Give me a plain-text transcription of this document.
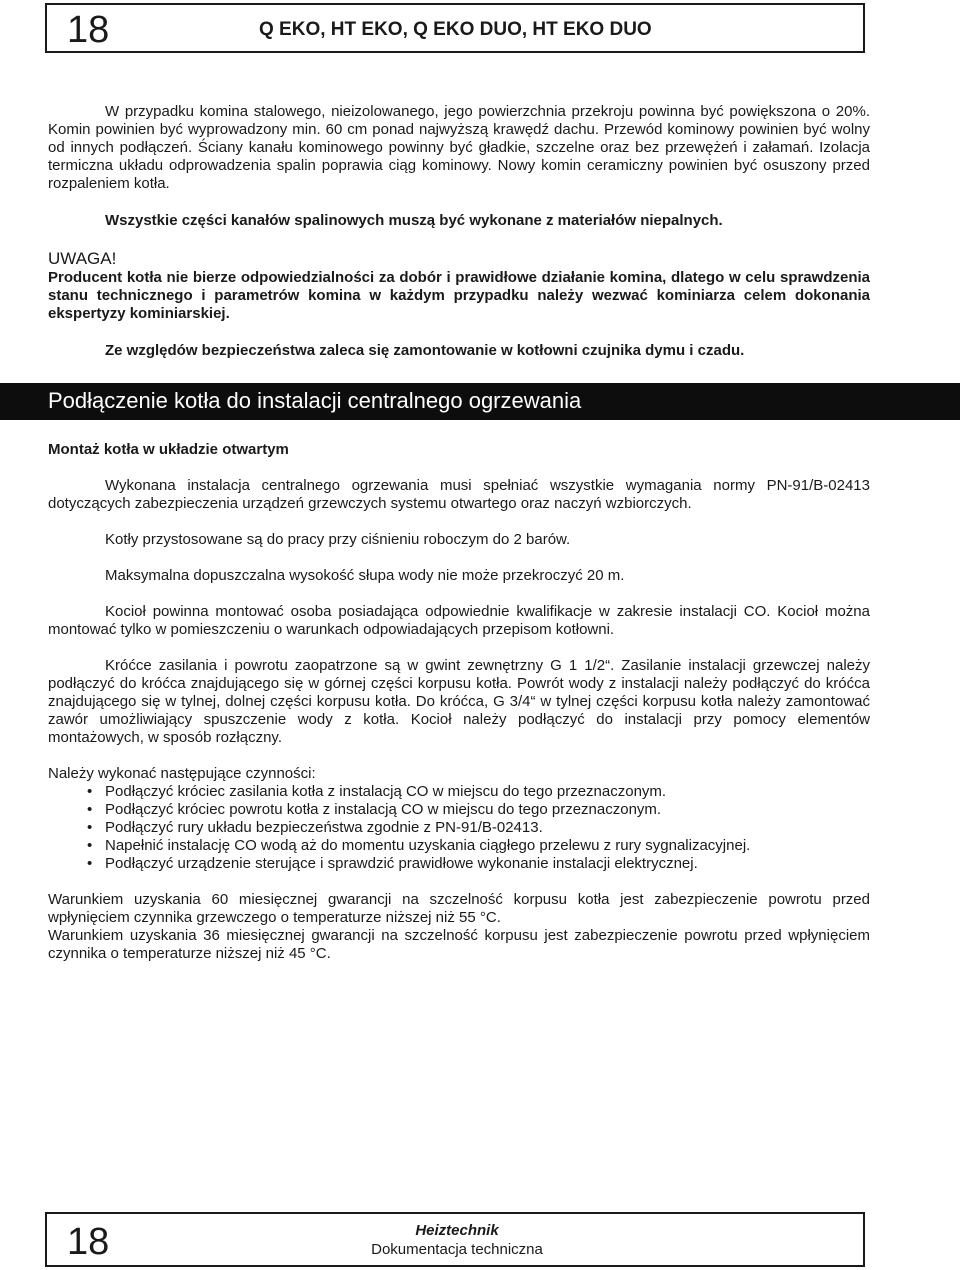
18	Q EKO, HT EKO, Q EKO DUO, HT EKO DUO

W przypadku komina stalowego, nieizolowanego, jego powierzchnia przekroju powinna być powiększona o 20%. Komin powinien być wyprowadzony min. 60 cm ponad najwyższą krawędź dachu. Przewód kominowy powinien być wolny od innych podłączeń. Ściany kanału kominowego powinny być gładkie, szczelne oraz bez przewężeń i załamań. Izolacja termiczna układu odprowadzenia spalin poprawia ciąg kominowy. Nowy komin ceramiczny powinien być osuszony przed rozpaleniem kotła.

Wszystkie części kanałów spalinowych muszą być wykonane z materiałów niepalnych.

UWAGA!

Producent kotła nie bierze odpowiedzialności za dobór i prawidłowe działanie komina, dlatego w celu sprawdzenia stanu technicznego i parametrów komina w każdym przypadku należy wezwać kominiarza celem dokonania ekspertyzy kominiarskiej.

Ze względów bezpieczeństwa zaleca się zamontowanie w kotłowni czujnika dymu i czadu.

Podłączenie kotła do instalacji centralnego ogrzewania

Montaż kotła w układzie otwartym

Wykonana instalacja centralnego ogrzewania musi spełniać wszystkie wymagania normy PN-91/B-02413 dotyczących zabezpieczenia urządzeń grzewczych systemu otwartego oraz naczyń wzbiorczych.

Kotły przystosowane są do pracy przy ciśnieniu roboczym do 2 barów.

Maksymalna dopuszczalna wysokość słupa wody nie może przekroczyć 20 m.

Kocioł powinna montować osoba posiadająca odpowiednie kwalifikacje w zakresie instalacji CO. Kocioł można montować tylko w pomieszczeniu o warunkach odpowiadających przepisom kotłowni.

Króćce zasilania i powrotu zaopatrzone są w gwint zewnętrzny G 1 1/2“. Zasilanie instalacji grzewczej należy podłączyć do króćca znajdującego się w górnej części korpusu kotła. Powrót wody z instalacji należy podłączyć do króćca znajdującego się w tylnej, dolnej części korpusu kotła. Do króćca, G 3/4“ w tylnej części korpusu kotła należy zamontować zawór umożliwiający spuszczenie wody z kotła. Kocioł należy podłączyć do instalacji przy pomocy elementów montażowych, w sposób rozłączny.

Należy wykonać następujące czynności:
• Podłączyć króciec zasilania kotła z instalacją CO w miejscu do tego przeznaczonym.
• Podłączyć króciec powrotu kotła z instalacją CO w miejscu do tego przeznaczonym.
• Podłączyć rury układu bezpieczeństwa zgodnie z PN-91/B-02413.
• Napełnić instalację CO wodą aż do momentu uzyskania ciągłego przelewu z rury sygnalizacyjnej.
• Podłączyć urządzenie sterujące i sprawdzić prawidłowe wykonanie instalacji elektrycznej.

Warunkiem uzyskania 60 miesięcznej gwarancji na szczelność korpusu kotła jest zabezpieczenie powrotu przed wpłynięciem czynnika grzewczego o temperaturze niższej niż 55 °C.

Warunkiem uzyskania 36 miesięcznej gwarancji na szczelność korpusu jest zabezpieczenie powrotu przed wpłynięciem czynnika o temperaturze niższej niż 45 °C.

18	Heiztechnik
Dokumentacja techniczna
